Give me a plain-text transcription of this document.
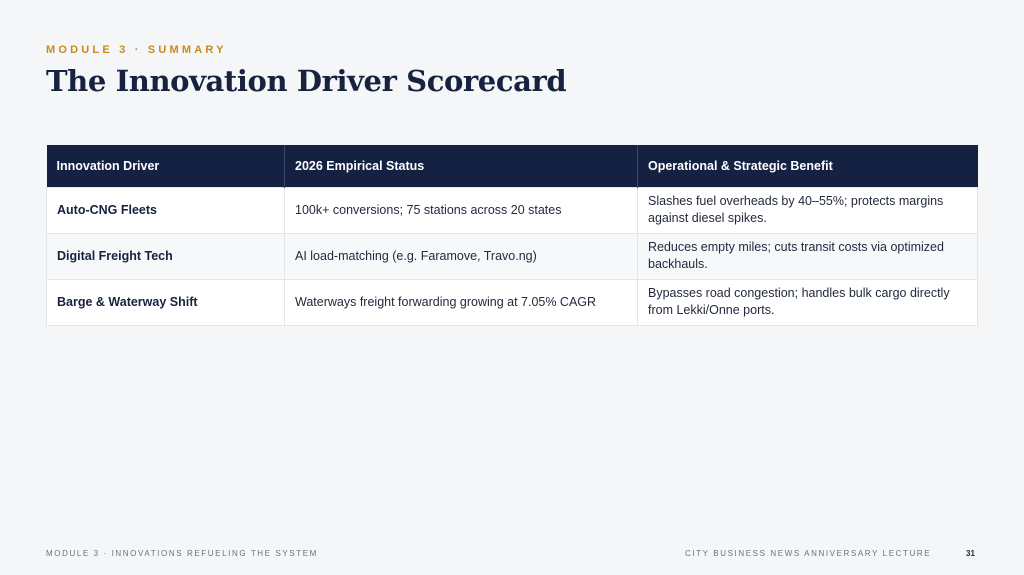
MODULE 3 · SUMMARY
The Innovation Driver Scorecard
Innovation Driver	2026 Empirical Status	Operational & Strategic Benefit
Auto-CNG Fleets	100k+ conversions; 75 stations across 20 states	Slashes fuel overheads by 40–55%; protects margins against diesel spikes.
Digital Freight Tech	AI load-matching (e.g. Faramove, Travo.ng)	Reduces empty miles; cuts transit costs via optimized backhauls.
Barge & Waterway Shift	Waterways freight forwarding growing at 7.05% CAGR	Bypasses road congestion; handles bulk cargo directly from Lekki/Onne ports.
MODULE 3 · INNOVATIONS REFUELING THE SYSTEM	CITY BUSINESS NEWS ANNIVERSARY LECTURE	31
